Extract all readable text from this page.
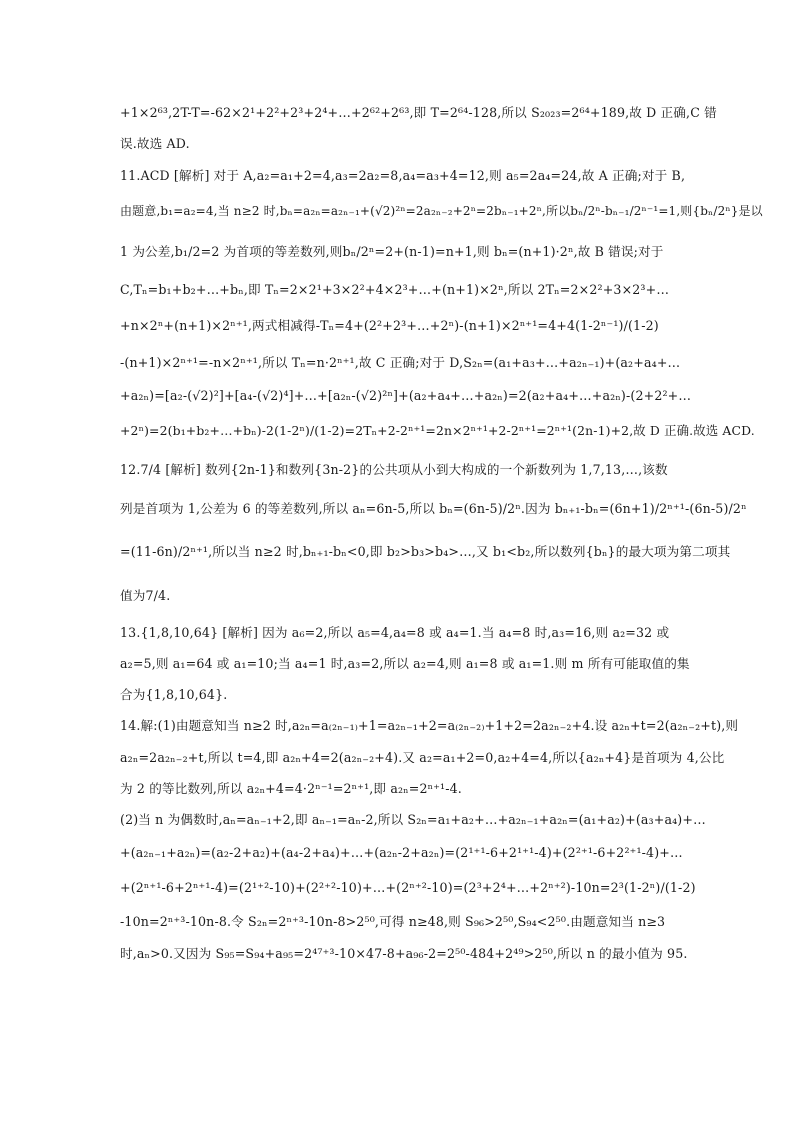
+1×2⁶³,2T-T=-62×2¹+2²+2³+2⁴+…+2⁶²+2⁶³,即 T=2⁶⁴-128,所以 S₂₀₂₃=2⁶⁴+189,故 D 正确,C 错
误.故选 AD.
11.ACD [解析] 对于 A,a₂=a₁+2=4,a₃=2a₂=8,a₄=a₃+4=12,则 a₅=2a₄=24,故 A 正确;对于 B,
由题意,b₁=a₂=4,当 n≥2 时,bₙ=a₂ₙ=a₂ₙ₋₁+(√2)²ⁿ=2a₂ₙ₋₂+2ⁿ=2bₙ₋₁+2ⁿ,所以bₙ/2ⁿ-bₙ₋₁/2ⁿ⁻¹=1,则{bₙ/2ⁿ}是以
1 为公差,b₁/2=2 为首项的等差数列,则bₙ/2ⁿ=2+(n-1)=n+1,则 bₙ=(n+1)·2ⁿ,故 B 错误;对于
C,Tₙ=b₁+b₂+…+bₙ,即 Tₙ=2×2¹+3×2²+4×2³+…+(n+1)×2ⁿ,所以 2Tₙ=2×2²+3×2³+…
+n×2ⁿ+(n+1)×2ⁿ⁺¹,两式相减得-Tₙ=4+(2²+2³+…+2ⁿ)-(n+1)×2ⁿ⁺¹=4+4(1-2ⁿ⁻¹)/(1-2)
-(n+1)×2ⁿ⁺¹=-n×2ⁿ⁺¹,所以 Tₙ=n·2ⁿ⁺¹,故 C 正确;对于 D,S₂ₙ=(a₁+a₃+…+a₂ₙ₋₁)+(a₂+a₄+…
+a₂ₙ)=[a₂-(√2)²]+[a₄-(√2)⁴]+…+[a₂ₙ-(√2)²ⁿ]+(a₂+a₄+…+a₂ₙ)=2(a₂+a₄+…+a₂ₙ)-(2+2²+…
+2ⁿ)=2(b₁+b₂+…+bₙ)-2(1-2ⁿ)/(1-2)=2Tₙ+2-2ⁿ⁺¹=2n×2ⁿ⁺¹+2-2ⁿ⁺¹=2ⁿ⁺¹(2n-1)+2,故 D 正确.故选 ACD.
12.7/4 [解析] 数列{2n-1}和数列{3n-2}的公共项从小到大构成的一个新数列为 1,7,13,…,该数
列是首项为 1,公差为 6 的等差数列,所以 aₙ=6n-5,所以 bₙ=(6n-5)/2ⁿ.因为 bₙ₊₁-bₙ=(6n+1)/2ⁿ⁺¹-(6n-5)/2ⁿ
=(11-6n)/2ⁿ⁺¹,所以当 n≥2 时,bₙ₊₁-bₙ<0,即 b₂>b₃>b₄>…,又 b₁<b₂,所以数列{bₙ}的最大项为第二项其
值为7/4.
13.{1,8,10,64} [解析] 因为 a₆=2,所以 a₅=4,a₄=8 或 a₄=1.当 a₄=8 时,a₃=16,则 a₂=32 或
a₂=5,则 a₁=64 或 a₁=10;当 a₄=1 时,a₃=2,所以 a₂=4,则 a₁=8 或 a₁=1.则 m 所有可能取值的集
合为{1,8,10,64}.
14.解:(1)由题意知当 n≥2 时,a₂ₙ=a₍₂ₙ₋₁₎+1=a₂ₙ₋₁+2=a₍₂ₙ₋₂₎+1+2=2a₂ₙ₋₂+4.设 a₂ₙ+t=2(a₂ₙ₋₂+t),则
a₂ₙ=2a₂ₙ₋₂+t,所以 t=4,即 a₂ₙ+4=2(a₂ₙ₋₂+4).又 a₂=a₁+2=0,a₂+4=4,所以{a₂ₙ+4}是首项为 4,公比
为 2 的等比数列,所以 a₂ₙ+4=4·2ⁿ⁻¹=2ⁿ⁺¹,即 a₂ₙ=2ⁿ⁺¹-4.
(2)当 n 为偶数时,aₙ=aₙ₋₁+2,即 aₙ₋₁=aₙ-2,所以 S₂ₙ=a₁+a₂+…+a₂ₙ₋₁+a₂ₙ=(a₁+a₂)+(a₃+a₄)+…
+(a₂ₙ₋₁+a₂ₙ)=(a₂-2+a₂)+(a₄-2+a₄)+…+(a₂ₙ-2+a₂ₙ)=(2¹⁺¹-6+2¹⁺¹-4)+(2²⁺¹-6+2²⁺¹-4)+…
+(2ⁿ⁺¹-6+2ⁿ⁺¹-4)=(2¹⁺²-10)+(2²⁺²-10)+…+(2ⁿ⁺²-10)=(2³+2⁴+…+2ⁿ⁺²)-10n=2³(1-2ⁿ)/(1-2)
-10n=2ⁿ⁺³-10n-8.令 S₂ₙ=2ⁿ⁺³-10n-8>2⁵⁰,可得 n≥48,则 S₉₆>2⁵⁰,S₉₄<2⁵⁰.由题意知当 n≥3
时,aₙ>0.又因为 S₉₅=S₉₄+a₉₅=2⁴⁷⁺³-10×47-8+a₉₆-2=2⁵⁰-484+2⁴⁹>2⁵⁰,所以 n 的最小值为 95.
